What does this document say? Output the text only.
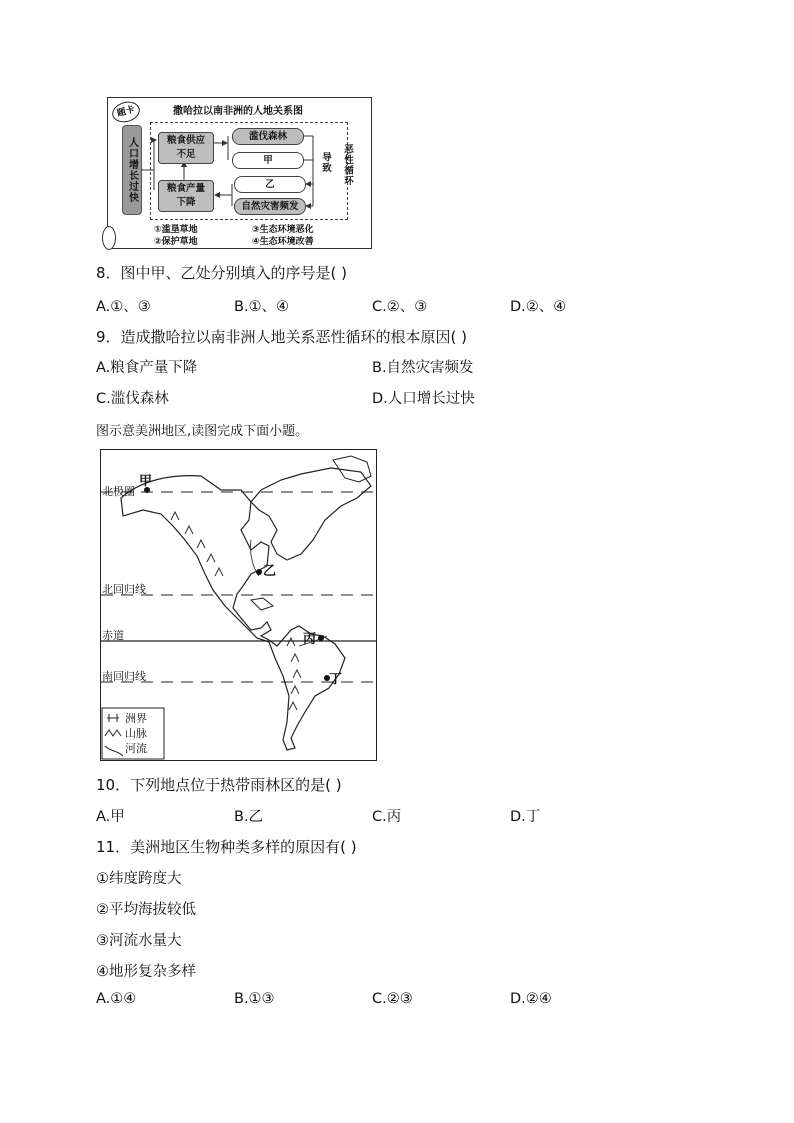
题卡	撒哈拉以南非洲的人地关系图
人口增长过快	粮食供应
不足
粮食产量
下降
滥伐森林
甲
乙
自然灾害频发
导致 恶性循环
①滥垦草地
②保护草地
③生态环境恶化
④生态环境改善
8．图中甲、乙处分别填入的序号是( )
A.①、③	B.①、④	C.②、③	D.②、④
9．造成撒哈拉以南非洲人地关系恶性循环的根本原因( )
A.粮食产量下降	B.自然灾害频发
C.滥伐森林	D.人口增长过快
图示意美洲地区,读图完成下面小题。
北极圈
北回归线
赤道
南回归线
甲
乙
丙
丁
洲界
山脉
河流
10．下列地点位于热带雨林区的是( )
A.甲	B.乙	C.丙	D.丁
11．美洲地区生物种类多样的原因有( )
①纬度跨度大
②平均海拔较低
③河流水量大
④地形复杂多样
A.①④	B.①③	C.②③	D.②④
